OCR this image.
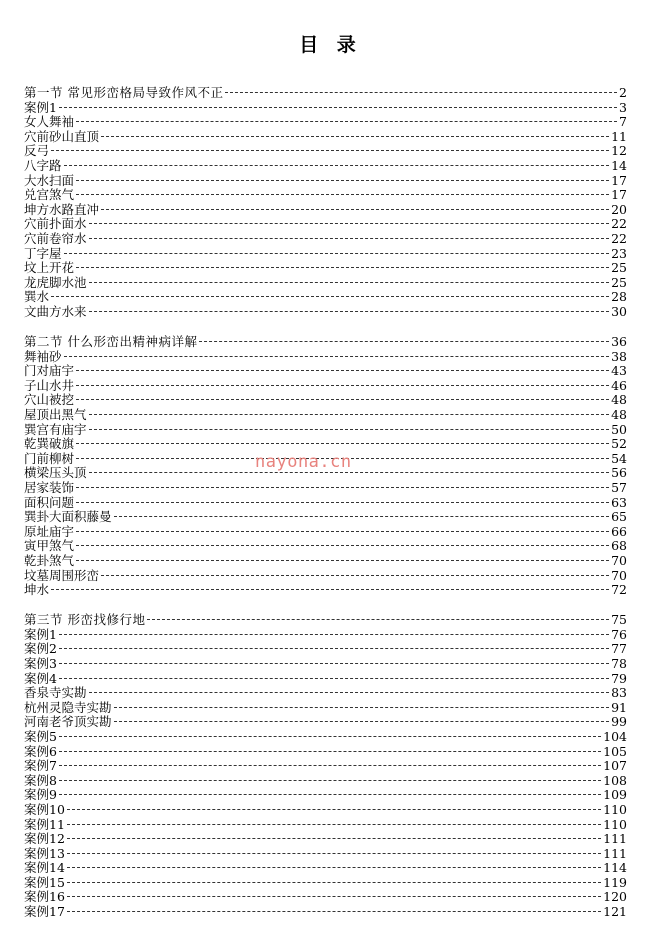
目 录
第一节 常见形峦格局导致作风不正	2
案例1	3
女人舞袖	7
穴前砂山直顶	11
反弓	12
八字路	14
大水扫面	17
兑宫煞气	17
坤方水路直冲	20
穴前扑面水	22
穴前卷帘水	22
丁字屋	23
坟上开花	25
龙虎脚水池	25
巽水	28
文曲方水来	30
第二节 什么形峦出精神病详解	36
舞袖砂	38
门对庙宇	43
子山水井	46
穴山被挖	48
屋顶出黑气	48
巽宫有庙宇	50
乾巽破旗	52
门前柳树	54
横梁压头顶	56
居家装饰	57
面积问题	63
巽卦大面积藤曼	65
原址庙宇	66
寅甲煞气	68
乾卦煞气	70
坟墓周围形峦	70
坤水	72
第三节 形峦找修行地	75
案例1	76
案例2	77
案例3	78
案例4	79
香泉寺实勘	83
杭州灵隐寺实勘	91
河南老爷顶实勘	99
案例5	104
案例6	105
案例7	107
案例8	108
案例9	109
案例10	110
案例11	110
案例12	111
案例13	111
案例14	114
案例15	119
案例16	120
案例17	121
nayona.cn
